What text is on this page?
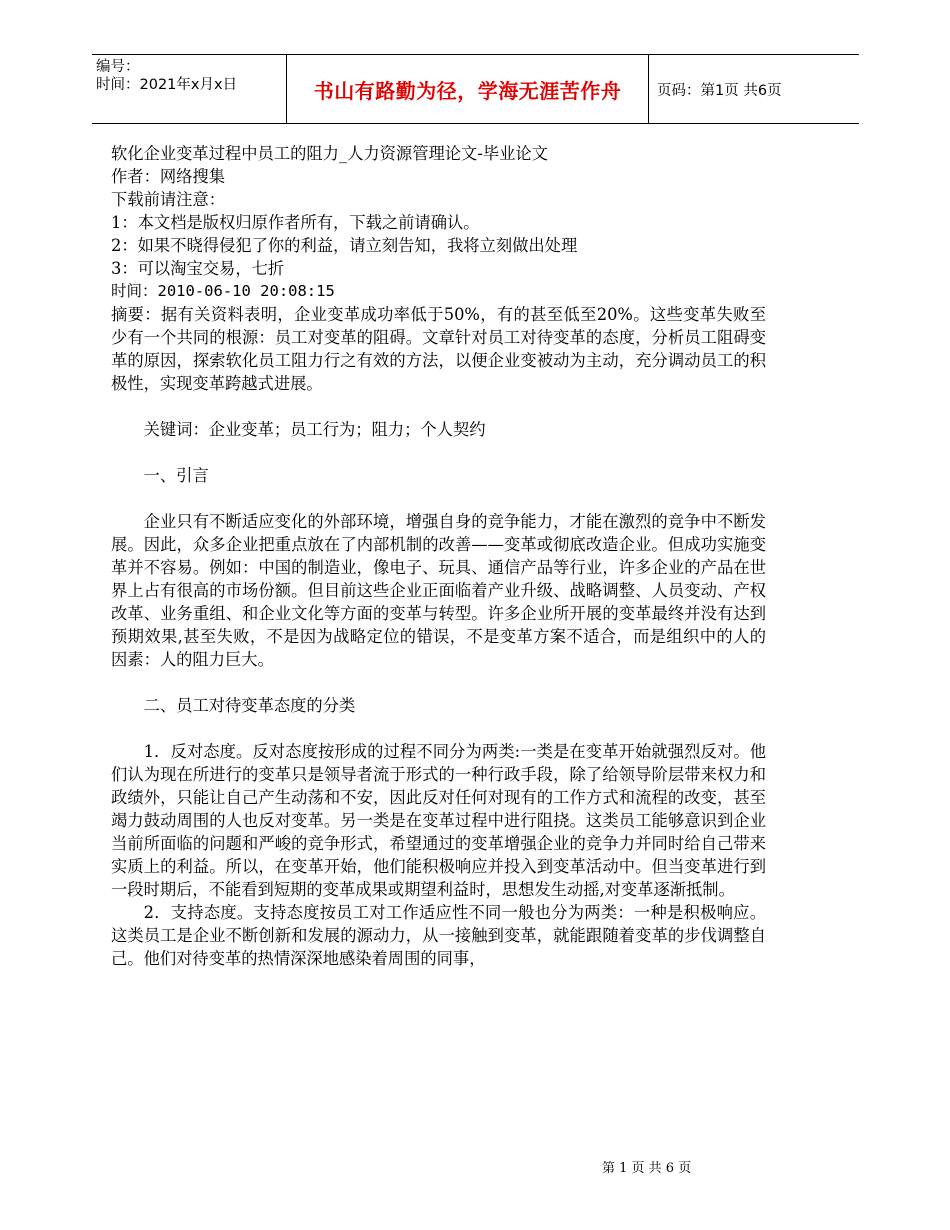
编号：
时间：2021年x月x日	书山有路勤为径，学海无涯苦作舟	页码：第1页 共6页

软化企业变革过程中员工的阻力_人力资源管理论文-毕业论文

作者：网络搜集

下载前请注意：

1：本文档是版权归原作者所有，下载之前请确认。

2：如果不晓得侵犯了你的利益，请立刻告知，我将立刻做出处理

3：可以淘宝交易，七折

时间：2010-06-10 20:08:15

摘要：据有关资料表明，企业变革成功率低于50%，有的甚至低至20%。这些变革失败至少有一个共同的根源：员工对变革的阻碍。文章针对员工对待变革的态度，分析员工阻碍变革的原因，探索软化员工阻力行之有效的方法，以便企业变被动为主动，充分调动员工的积极性，实现变革跨越式进展。

关键词：企业变革；员工行为；阻力；个人契约

一、引言

企业只有不断适应变化的外部环境，增强自身的竞争能力，才能在激烈的竞争中不断发展。因此，众多企业把重点放在了内部机制的改善——变革或彻底改造企业。但成功实施变革并不容易。例如：中国的制造业，像电子、玩具、通信产品等行业，许多企业的产品在世界上占有很高的市场份额。但目前这些企业正面临着产业升级、战略调整、人员变动、产权改革、业务重组、和企业文化等方面的变革与转型。许多企业所开展的变革最终并没有达到预期效果,甚至失败，不是因为战略定位的错误，不是变革方案不适合，而是组织中的人的因素：人的阻力巨大。

二、员工对待变革态度的分类

1．反对态度。反对态度按形成的过程不同分为两类:一类是在变革开始就强烈反对。他们认为现在所进行的变革只是领导者流于形式的一种行政手段，除了给领导阶层带来权力和政绩外，只能让自己产生动荡和不安，因此反对任何对现有的工作方式和流程的改变，甚至竭力鼓动周围的人也反对变革。另一类是在变革过程中进行阻挠。这类员工能够意识到企业当前所面临的问题和严峻的竞争形式，希望通过的变革增强企业的竞争力并同时给自己带来实质上的利益。所以，在变革开始，他们能积极响应并投入到变革活动中。但当变革进行到一段时期后，不能看到短期的变革成果或期望利益时，思想发生动摇,对变革逐渐抵制。

2．支持态度。支持态度按员工对工作适应性不同一般也分为两类：一种是积极响应。这类员工是企业不断创新和发展的源动力，从一接触到变革，就能跟随着变革的步伐调整自己。他们对待变革的热情深深地感染着周围的同事，

第 1 页 共 6 页
